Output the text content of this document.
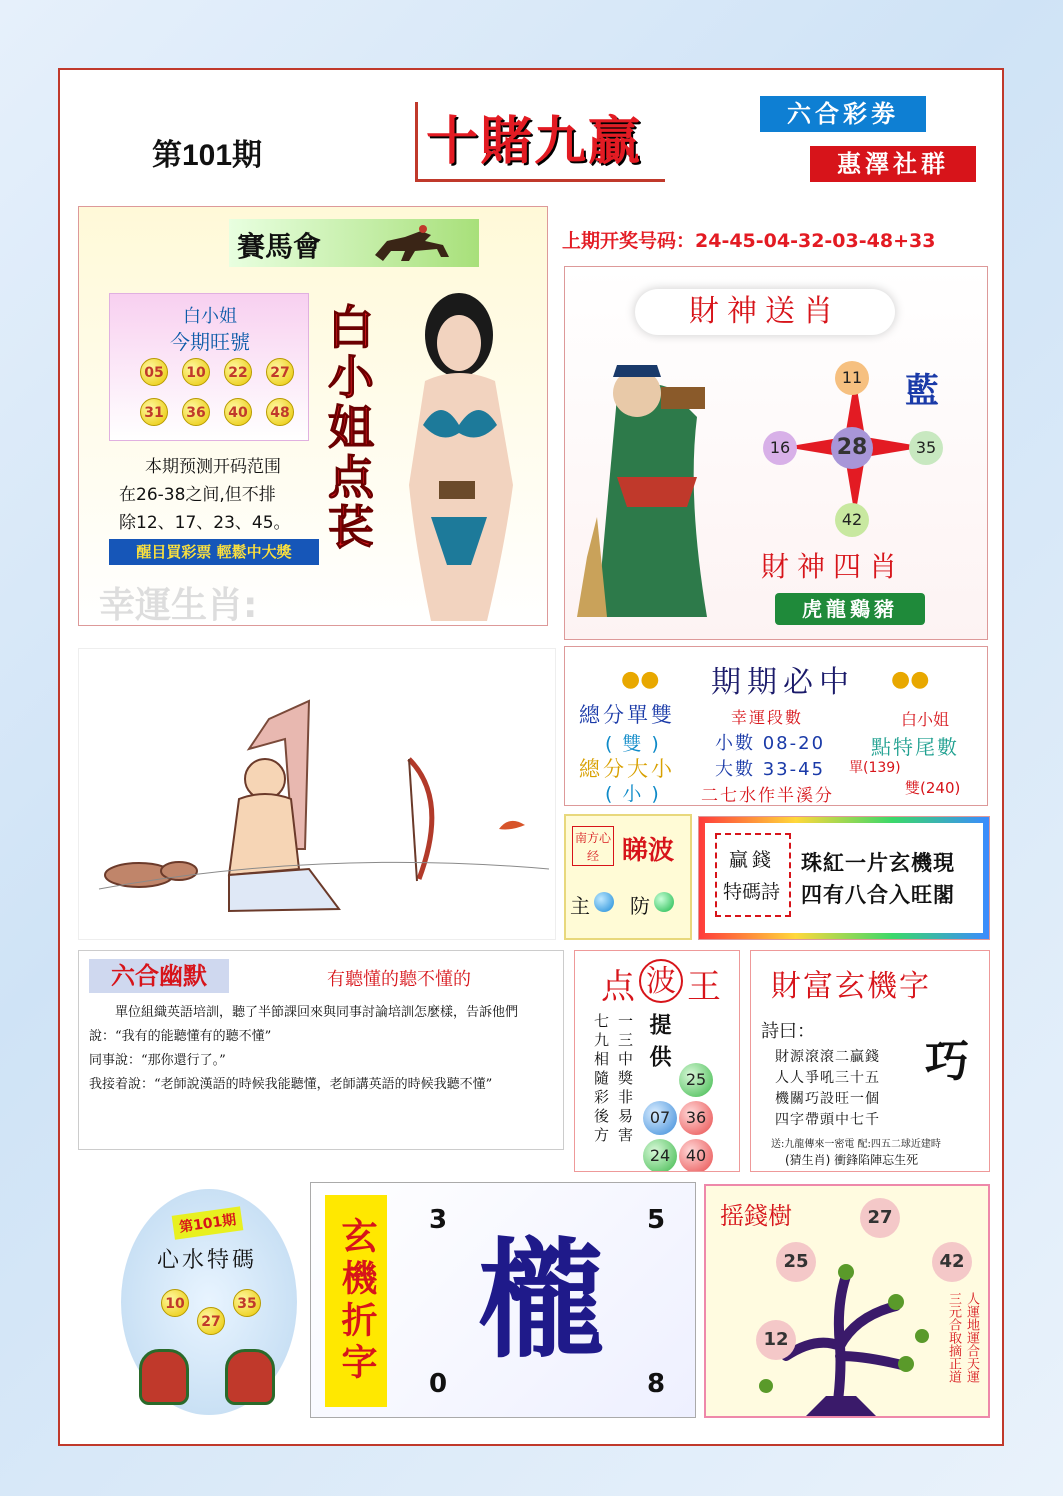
第101期	十賭九贏	六合彩劵
惠澤社群
上期开奖号码：24-45-04-32-03-48+33
賽馬會
白小姐
今期旺號
05	10	22	27
31	36	40	48 白小姐点苌
本期预测开码范围
在26-38之间,但不排
除12、17、23、45。
醒目買彩票 輕鬆中大獎
幸運生肖:
財神送肖
11
16	35
42
28
藍
財神四肖
虎龍鷄豬
●●	●●
期期必中
總分單雙
(雙)
總分大小
(小)
幸運段數
小數 08-20
大數 33-45
二七水作半溪分
白小姐
點特尾數
單(139)
雙(240)
南方心经 睇波
主 防
贏錢
特碼詩
珠紅一片玄機現
四有八合入旺閣
六合幽默	有聽懂的聽不懂的
單位組織英語培訓，聽了半節課回來與同事討論培訓怎麼樣，告訴他們說：“我有的能聽懂有的聽不懂”
同事說：“那你還行了。”
我接着說：“老師說漢語的時候我能聽懂，老師講英語的時候我聽不懂”
点 波 王
一三中獎非易害
七九相隨彩後方 提供
25
07 36
24 40
財富玄機字
詩曰：
財源滾滾二贏錢
人人爭吼三十五
機關巧設旺一個
四字帶頭中七千
巧
送:九龍傳來一密電 配:四五二球近建時
(猜生肖) 衝鋒陷陣忘生死
第101期
心水特碼
10
27
35	玄機折字	3	5
0	8
櫳
摇錢樹	27
25	42
12	人運地運合天運
三元合取摘正道
